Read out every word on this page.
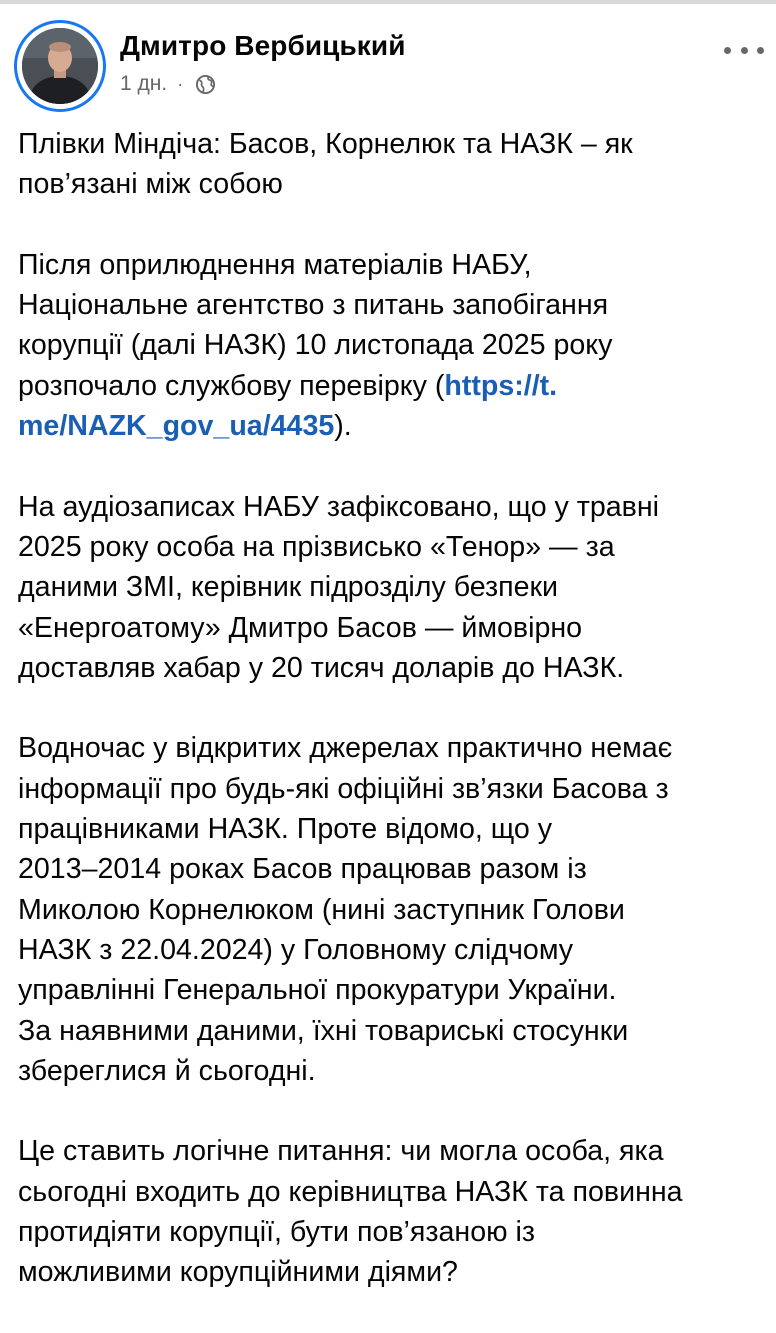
Дмитро Вербицький
1 дн. ·

Плівки Міндіча: Басов, Корнелюк та НАЗК – як
пов’язані між собою

Після оприлюднення матеріалів НАБУ,
Національне агентство з питань запобігання
корупції (далі НАЗК) 10 листопада 2025 року
розпочало службову перевірку (https://t.
me/NAZK_gov_ua/4435).

На аудіозаписах НАБУ зафіксовано, що у травні
2025 року особа на прізвисько «Тенор» — за
даними ЗМІ, керівник підрозділу безпеки
«Енергоатому» Дмитро Басов — ймовірно
доставляв хабар у 20 тисяч доларів до НАЗК.

Водночас у відкритих джерелах практично немає
інформації про будь-які офіційні зв’язки Басова з
працівниками НАЗК. Проте відомо, що у
2013–2014 роках Басов працював разом із
Миколою Корнелюком (нині заступник Голови
НАЗК з 22.04.2024) у Головному слідчому
управлінні Генеральної прокуратури України.
За наявними даними, їхні товариські стосунки
збереглися й сьогодні.

Це ставить логічне питання: чи могла особа, яка
сьогодні входить до керівництва НАЗК та повинна
протидіяти корупції, бути пов’язаною із
можливими корупційними діями?
